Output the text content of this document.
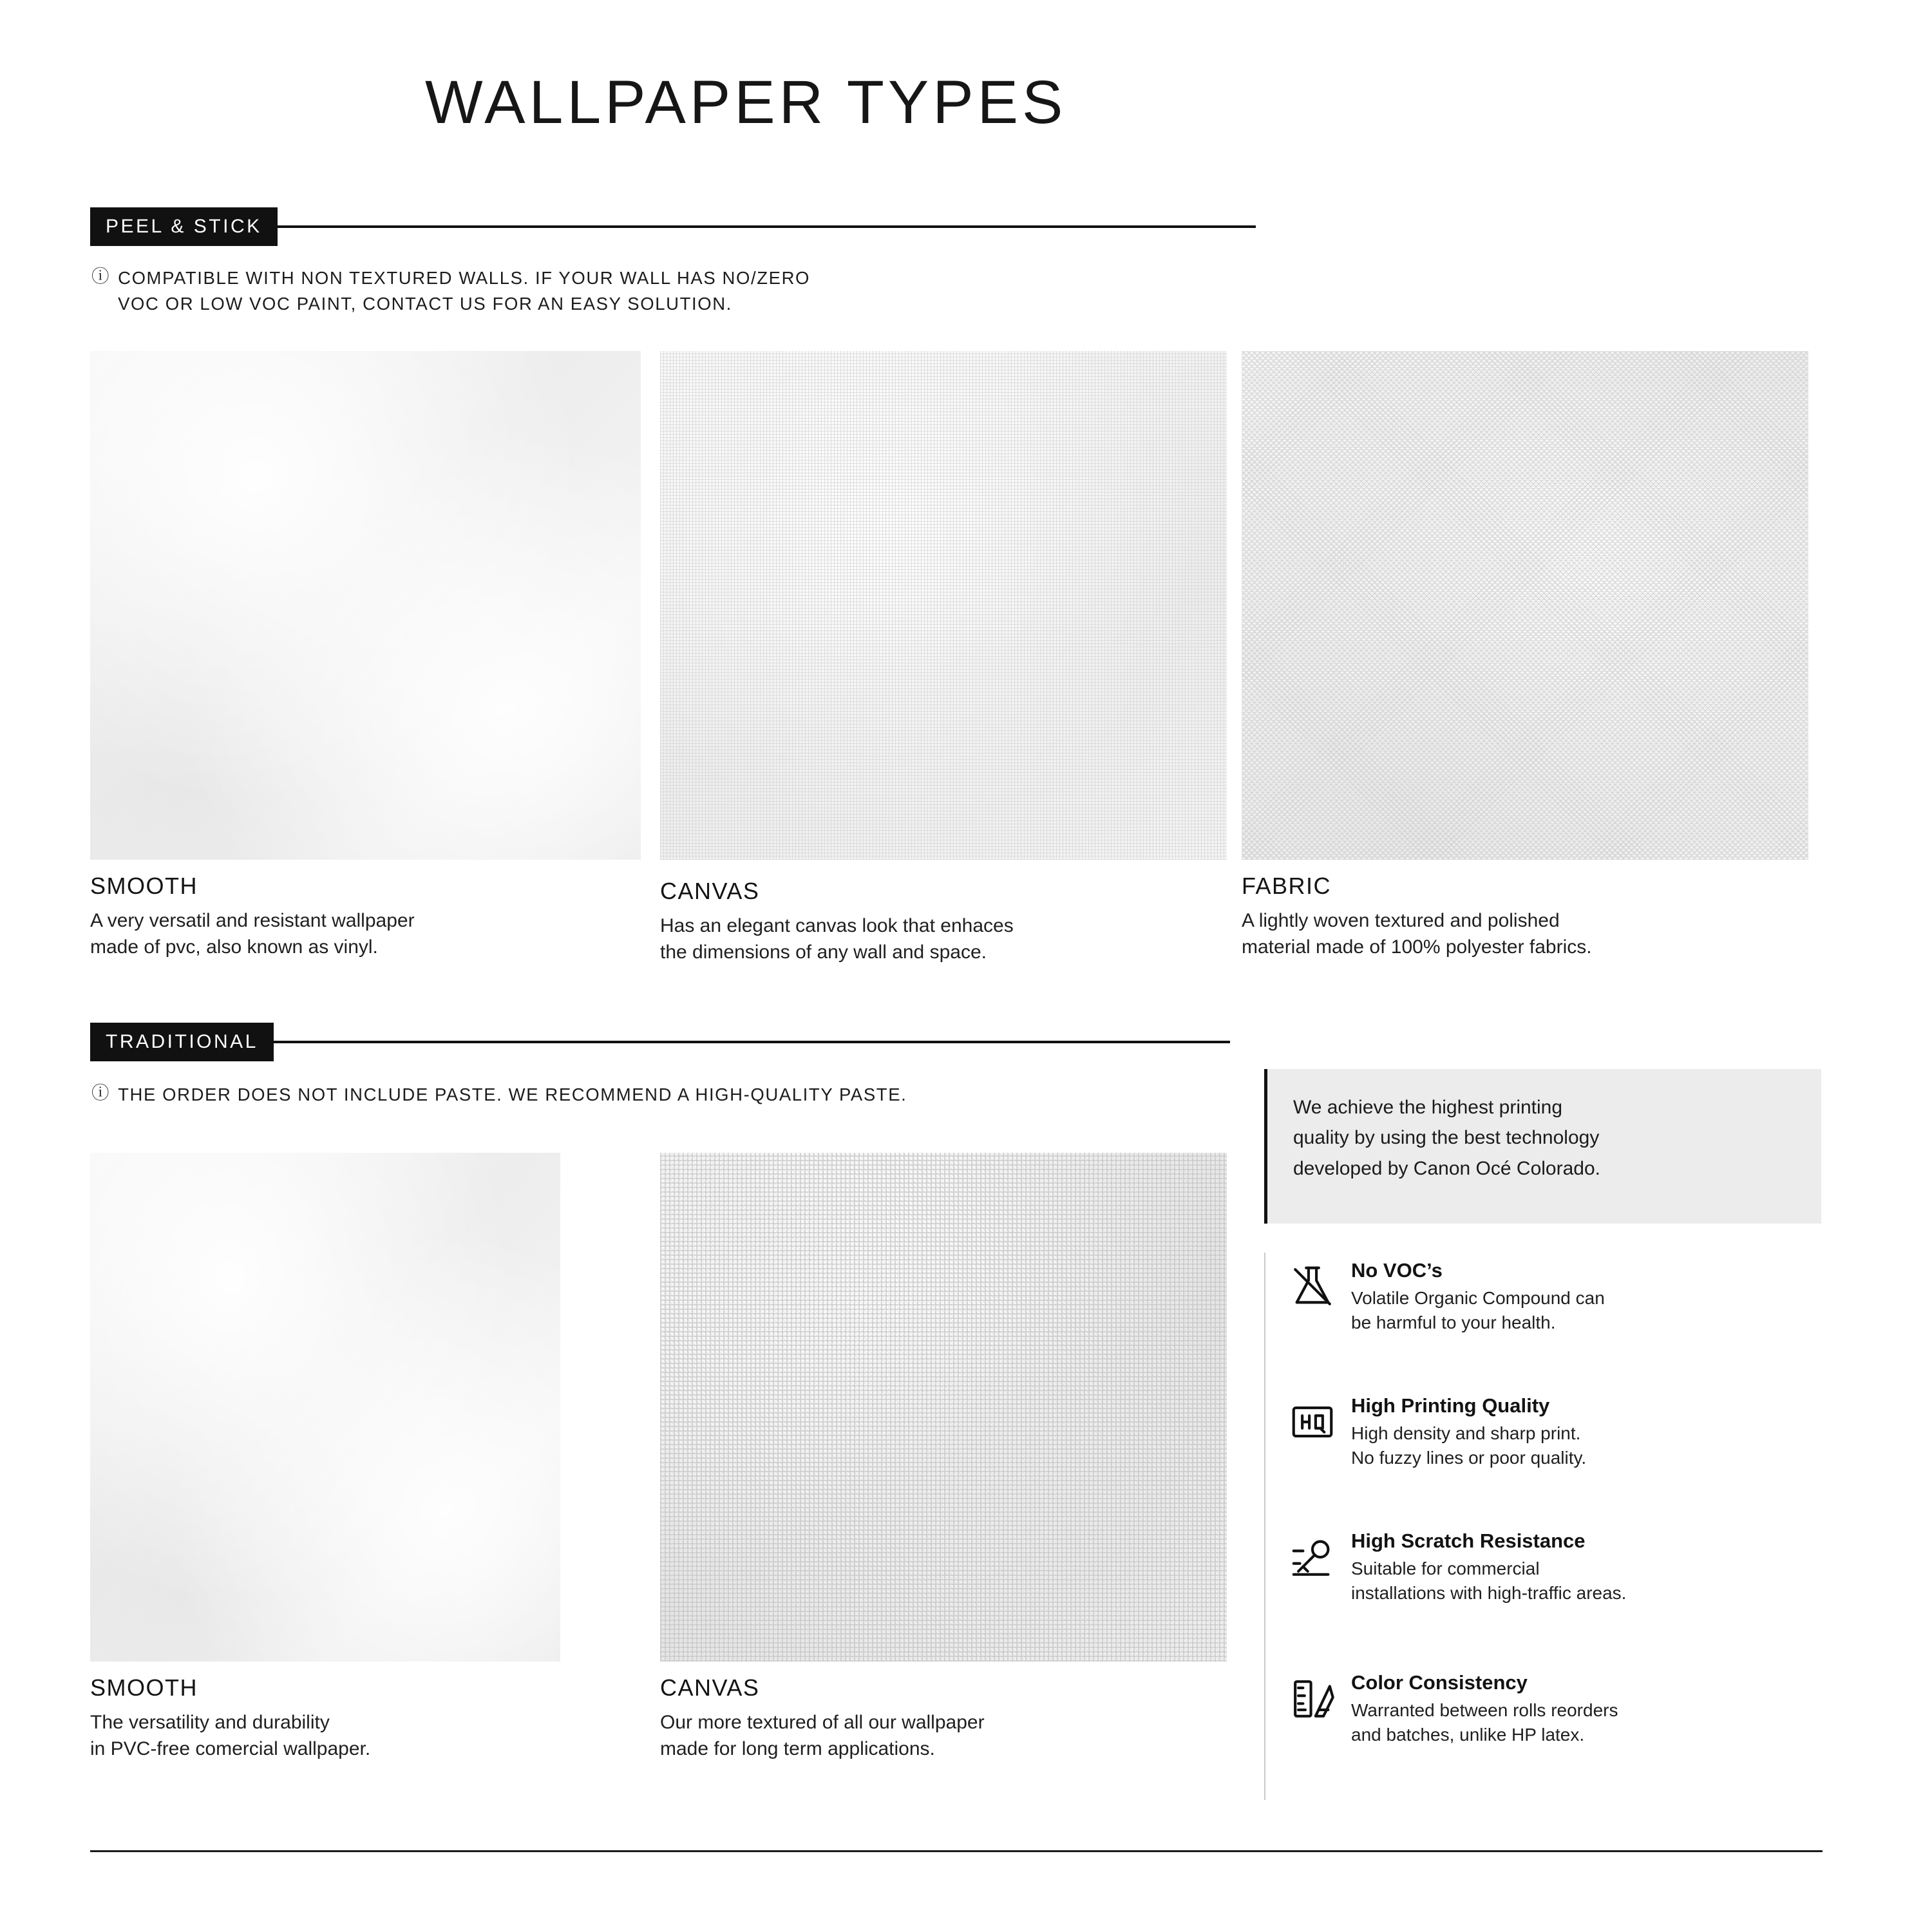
WALLPAPER TYPES
PEEL & STICK
ⓘ COMPATIBLE WITH NON TEXTURED WALLS. IF YOUR WALL HAS NO/ZERO
VOC OR LOW VOC PAINT, CONTACT US FOR AN EASY SOLUTION.
SMOOTH
A very versatil and resistant wallpaper
made of pvc, also known as vinyl.
CANVAS
Has an elegant canvas look that enhaces
the dimensions of any wall and space.
FABRIC
A lightly woven textured and polished
material made of 100% polyester fabrics.
TRADITIONAL
ⓘ THE ORDER DOES NOT INCLUDE PASTE. WE RECOMMEND A HIGH-QUALITY PASTE.
SMOOTH
The versatility and durability
in PVC-free comercial wallpaper.
CANVAS
Our more textured of all our wallpaper
made for long term applications.
We achieve the highest printing
quality by using the best technology
developed by Canon Océ Colorado.
No VOC’s
Volatile Organic Compound can
be harmful to your health.
High Printing Quality
High density and sharp print.
No fuzzy lines or poor quality.
High Scratch Resistance
Suitable for commercial
installations with high-traffic areas.
Color Consistency
Warranted between rolls reorders
and batches, unlike HP latex.
